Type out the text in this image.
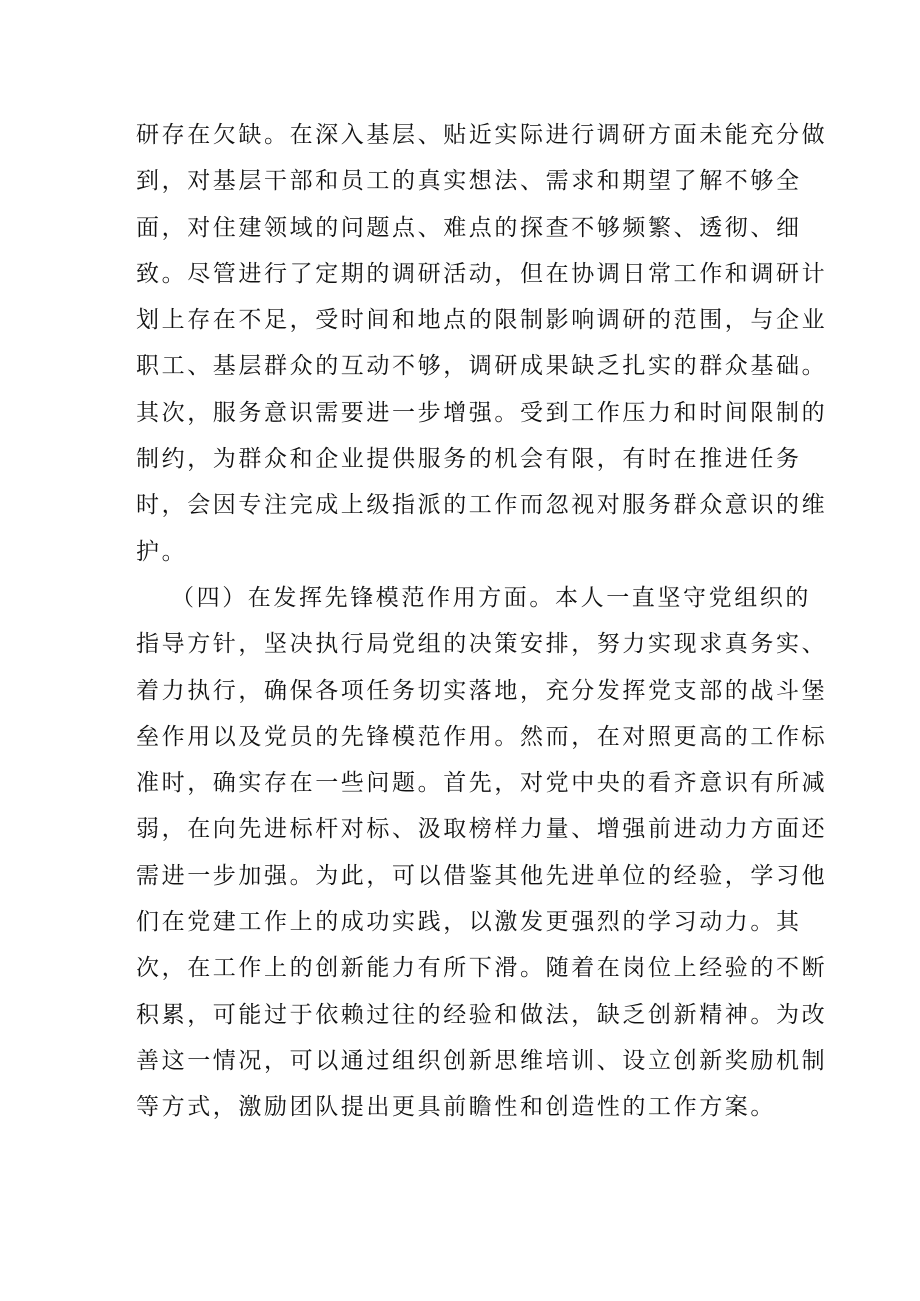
研存在欠缺。在深入基层、贴近实际进行调研方面未能充分做
到，对基层干部和员工的真实想法、需求和期望了解不够全
面，对住建领域的问题点、难点的探查不够频繁、透彻、细
致。尽管进行了定期的调研活动，但在协调日常工作和调研计
划上存在不足，受时间和地点的限制影响调研的范围，与企业
职工、基层群众的互动不够，调研成果缺乏扎实的群众基础。
其次，服务意识需要进一步增强。受到工作压力和时间限制的
制约，为群众和企业提供服务的机会有限，有时在推进任务
时，会因专注完成上级指派的工作而忽视对服务群众意识的维
护。
（四）在发挥先锋模范作用方面。本人一直坚守党组织的
指导方针，坚决执行局党组的决策安排，努力实现求真务实、
着力执行，确保各项任务切实落地，充分发挥党支部的战斗堡
垒作用以及党员的先锋模范作用。然而，在对照更高的工作标
准时，确实存在一些问题。首先，对党中央的看齐意识有所减
弱，在向先进标杆对标、汲取榜样力量、增强前进动力方面还
需进一步加强。为此，可以借鉴其他先进单位的经验，学习他
们在党建工作上的成功实践，以激发更强烈的学习动力。其
次，在工作上的创新能力有所下滑。随着在岗位上经验的不断
积累，可能过于依赖过往的经验和做法，缺乏创新精神。为改
善这一情况，可以通过组织创新思维培训、设立创新奖励机制
等方式，激励团队提出更具前瞻性和创造性的工作方案。
